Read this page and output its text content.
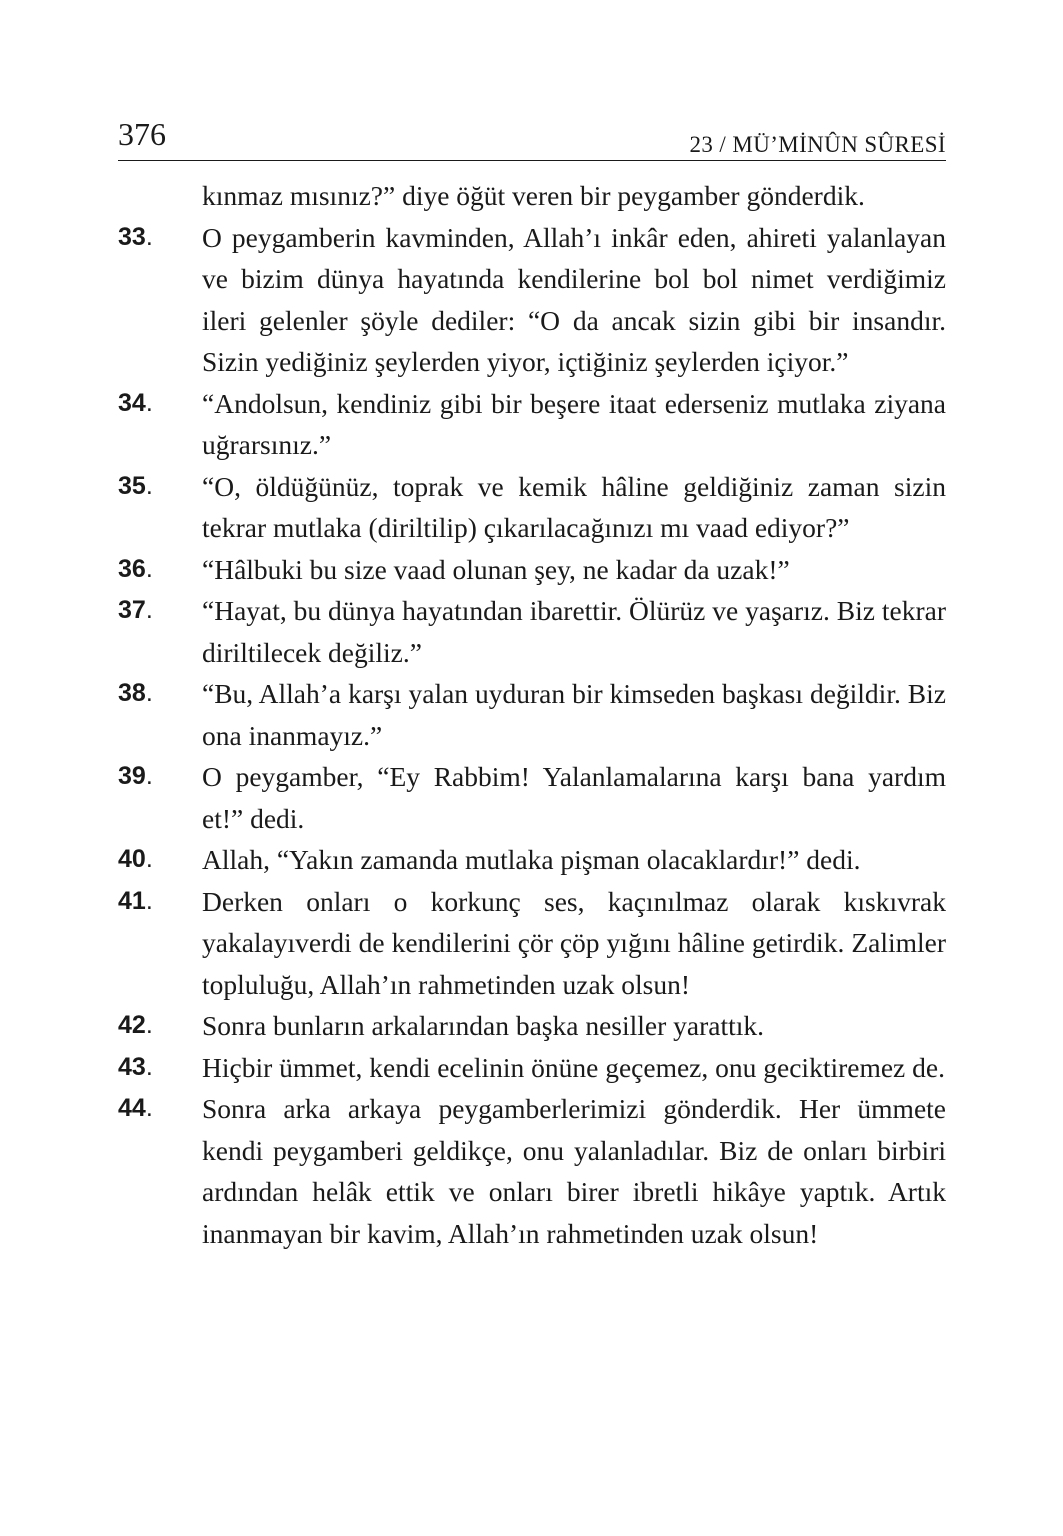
376	23 / MÜ’MİNÛN SÛRESİ
kınmaz mısınız?” diye öğüt veren bir peygamber gönderdik.
33.	O peygamberin kavminden, Allah’ı inkâr eden, ahireti yalanlayan ve bizim dünya hayatında kendilerine bol bol nimet verdiğimiz ileri gelenler şöyle dediler: “O da ancak sizin gibi bir insandır. Sizin yediğiniz şeylerden yiyor, içtiğiniz şeylerden içiyor.”

34.	“Andolsun, kendiniz gibi bir beşere itaat ederseniz mutlaka ziyana uğrarsınız.”

35.	“O, öldüğünüz, toprak ve kemik hâline geldiğiniz zaman sizin tekrar mutlaka (diriltilip) çıkarılacağınızı mı vaad ediyor?”

36.	“Hâlbuki bu size vaad olunan şey, ne kadar da uzak!”

37.	“Hayat, bu dünya hayatından ibarettir. Ölürüz ve yaşarız. Biz tekrar diriltilecek değiliz.”

38.	“Bu, Allah’a karşı yalan uyduran bir kimseden başkası değildir. Biz ona inanmayız.”

39.	O peygamber, “Ey Rabbim! Yalanlamalarına karşı bana yardım et!” dedi.

40.	Allah, “Yakın zamanda mutlaka pişman olacaklardır!” dedi.

41.	Derken onları o korkunç ses, kaçınılmaz olarak kıskıvrak yakalayıverdi de kendilerini çör çöp yığını hâline getirdik. Zalimler topluluğu, Allah’ın rahmetinden uzak olsun!

42.	Sonra bunların arkalarından başka nesiller yarattık.

43.	Hiçbir ümmet, kendi ecelinin önüne geçemez, onu geciktiremez de.

44.	Sonra arka arkaya peygamberlerimizi gönderdik. Her ümmete kendi peygamberi geldikçe, onu yalanladılar. Biz de onları birbiri ardından helâk ettik ve onları birer ibretli hikâye yaptık. Artık inanmayan bir kavim, Allah’ın rahmetinden uzak olsun!
